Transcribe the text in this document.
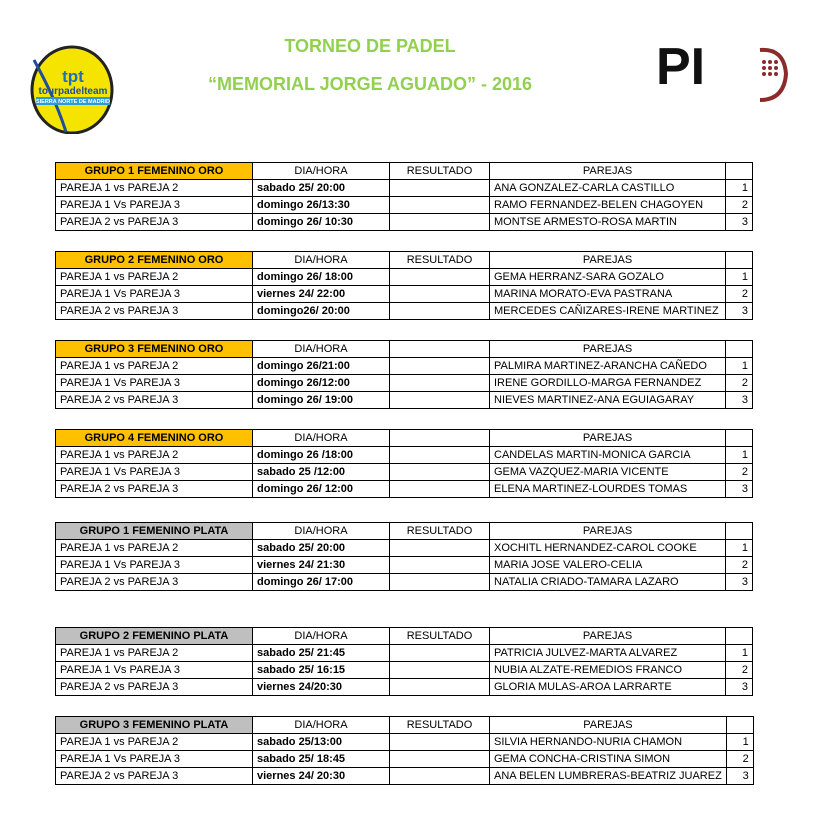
tpt
tourpadelteam
SIERRA NORTE DE MADRID
PI
TORNEO DE PADEL
“MEMORIAL JORGE AGUADO” - 2016
GRUPO 1 FEMENINO ORO	DIA/HORA	RESULTADO	PAREJAS	
PAREJA 1 vs PAREJA 2	sabado 25/ 20:00		ANA GONZALEZ-CARLA CASTILLO	1
PAREJA 1 Vs PAREJA 3	domingo 26/13:30		RAMO FERNANDEZ-BELEN CHAGOYEN	2
PAREJA 2 vs PAREJA 3	domingo 26/ 10:30		MONTSE ARMESTO-ROSA MARTIN	3
GRUPO 2 FEMENINO ORO	DIA/HORA	RESULTADO	PAREJAS	
PAREJA 1 vs PAREJA 2	domingo 26/ 18:00		GEMA HERRANZ-SARA GOZALO	1
PAREJA 1 Vs PAREJA 3	viernes 24/ 22:00		MARINA MORATO-EVA PASTRANA	2
PAREJA 2 vs PAREJA 3	domingo26/ 20:00		MERCEDES CAÑIZARES-IRENE MARTINEZ	3
GRUPO 3 FEMENINO ORO	DIA/HORA		PAREJAS	
PAREJA 1 vs PAREJA 2	domingo 26/21:00		PALMIRA MARTINEZ-ARANCHA CAÑEDO	1
PAREJA 1 Vs PAREJA 3	domingo 26/12:00		IRENE GORDILLO-MARGA FERNANDEZ	2
PAREJA 2 vs PAREJA 3	domingo 26/ 19:00		NIEVES MARTINEZ-ANA EGUIAGARAY	3
GRUPO 4 FEMENINO ORO	DIA/HORA		PAREJAS	
PAREJA 1 vs PAREJA 2	domingo 26 /18:00		CANDELAS MARTIN-MONICA GARCIA	1
PAREJA 1 Vs PAREJA 3	sabado 25 /12:00		GEMA VAZQUEZ-MARIA VICENTE	2
PAREJA 2 vs PAREJA 3	domingo 26/ 12:00		ELENA MARTINEZ-LOURDES TOMAS	3
GRUPO 1 FEMENINO PLATA	DIA/HORA	RESULTADO	PAREJAS	
PAREJA 1 vs PAREJA 2	sabado 25/ 20:00		XOCHITL HERNANDEZ-CAROL COOKE	1
PAREJA 1 Vs PAREJA 3	viernes 24/ 21:30		MARIA JOSE VALERO-CELIA	2
PAREJA 2 vs PAREJA 3	domingo 26/ 17:00		NATALIA CRIADO-TAMARA LAZARO	3
GRUPO 2 FEMENINO PLATA	DIA/HORA	RESULTADO	PAREJAS	
PAREJA 1 vs PAREJA 2	sabado 25/ 21:45		PATRICIA JULVEZ-MARTA ALVAREZ	1
PAREJA 1 Vs PAREJA 3	sabado 25/ 16:15		NUBIA ALZATE-REMEDIOS FRANCO	2
PAREJA 2 vs PAREJA 3	viernes 24/20:30		GLORIA MULAS-AROA LARRARTE	3
GRUPO 3 FEMENINO PLATA	DIA/HORA	RESULTADO	PAREJAS	
PAREJA 1 vs PAREJA 2	sabado 25/13:00		SILVIA HERNANDO-NURIA CHAMON	1
PAREJA 1 Vs PAREJA 3	sabado 25/ 18:45		GEMA CONCHA-CRISTINA SIMON	2
PAREJA 2 vs PAREJA 3	viernes 24/ 20:30		ANA BELEN LUMBRERAS-BEATRIZ JUAREZ	3
